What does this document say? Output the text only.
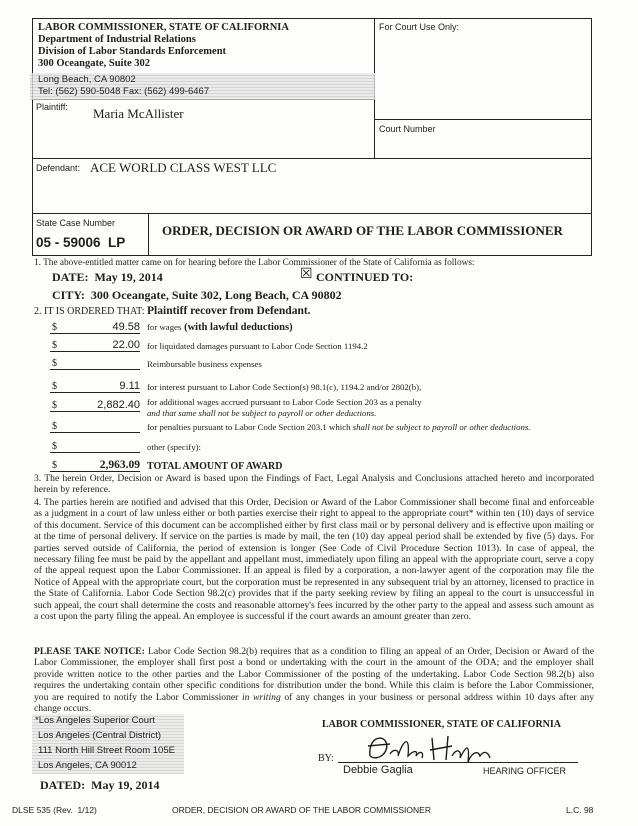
LABOR COMMISSIONER, STATE OF CALIFORNIA
Department of Industrial Relations
Division of Labor Standards Enforcement
300 Oceangate, Suite 302
Long Beach, CA 90802
Tel: (562) 590-5048 Fax: (562) 499-6467
For Court Use Only:
Plaintiff: Maria McAllister
Court Number
Defendant: ACE WORLD CLASS WEST LLC
State Case Number
05 - 59006  LP
ORDER, DECISION OR AWARD OF THE LABOR COMMISSIONER
1. The above-entitled matter came on for hearing before the Labor Commissioner of the State of California as follows:
DATE:  May 19, 2014	☒ CONTINUED TO:
CITY:  300 Oceangate, Suite 302, Long Beach, CA 90802
2. IT IS ORDERED THAT: Plaintiff recover from Defendant.
$	49.58 for wages (with lawful deductions)
$	22.00 for liquidated damages pursuant to Labor Code Section 1194.2
$	Reimbursable business expenses
$	9.11 for interest pursuant to Labor Code Section(s) 98.1(c), 1194.2 and/or 2802(b),
$	2,882.40 for additional wages accrued pursuant to Labor Code Section 203 as a penalty
and that same shall not be subject to payroll or other deductions.
$	for penalties pursuant to Labor Code Section 203.1 which shall not be subject to payroll or other deductions.
$	other (specify):
$	2,963.09 TOTAL AMOUNT OF AWARD
3. The herein Order, Decision or Award is based upon the Findings of Fact, Legal Analysis and Conclusions attached hereto and incorporated herein by reference.
4. The parties herein are notified and advised that this Order, Decision or Award of the Labor Commissioner shall become final and enforceable as a judgment in a court of law unless either or both parties exercise their right to appeal to the appropriate court* within ten (10) days of service of this document. Service of this document can be accomplished either by first class mail or by personal delivery and is effective upon mailing or at the time of personal delivery. If service on the parties is made by mail, the ten (10) day appeal period shall be extended by five (5) days. For parties served outside of California, the period of extension is longer (See Code of Civil Procedure Section 1013). In case of appeal, the necessary filing fee must be paid by the appellant and appellant must, immediately upon filing an appeal with the appropriate court, serve a copy of the appeal request upon the Labor Commissioner. If an appeal is filed by a corporation, a non-lawyer agent of the corporation may file the Notice of Appeal with the appropriate court, but the corporation must be represented in any subsequent trial by an attorney, licensed to practice in the State of California. Labor Code Section 98.2(c) provides that if the party seeking review by filing an appeal to the court is unsuccessful in such appeal, the court shall determine the costs and reasonable attorney's fees incurred by the other party to the appeal and assess such amount as a cost upon the party filing the appeal. An employee is successful if the court awards an amount greater than zero.
PLEASE TAKE NOTICE: Labor Code Section 98.2(b) requires that as a condition to filing an appeal of an Order, Decision or Award of the Labor Commissioner, the employer shall first post a bond or undertaking with the court in the amount of the ODA; and the employer shall provide written notice to the other parties and the Labor Commissioner of the posting of the undertaking. Labor Code Section 98.2(b) also requires the undertaking contain other specific conditions for distribution under the bond. While this claim is before the Labor Commissioner, you are required to notify the Labor Commissioner in writing of any changes in your business or personal address within 10 days after any change occurs.
LABOR COMMISSIONER, STATE OF CALIFORNIA
*Los Angeles Superior Court
Los Angeles (Central District)
111 North Hill Street Room 105E
Los Angeles, CA 90012
BY:
Debbie Gaglia	HEARING OFFICER
DATED:  May 19, 2014
DLSE 535 (Rev.  1/12)	ORDER, DECISION OR AWARD OF THE LABOR COMMISSIONER	L.C. 98
